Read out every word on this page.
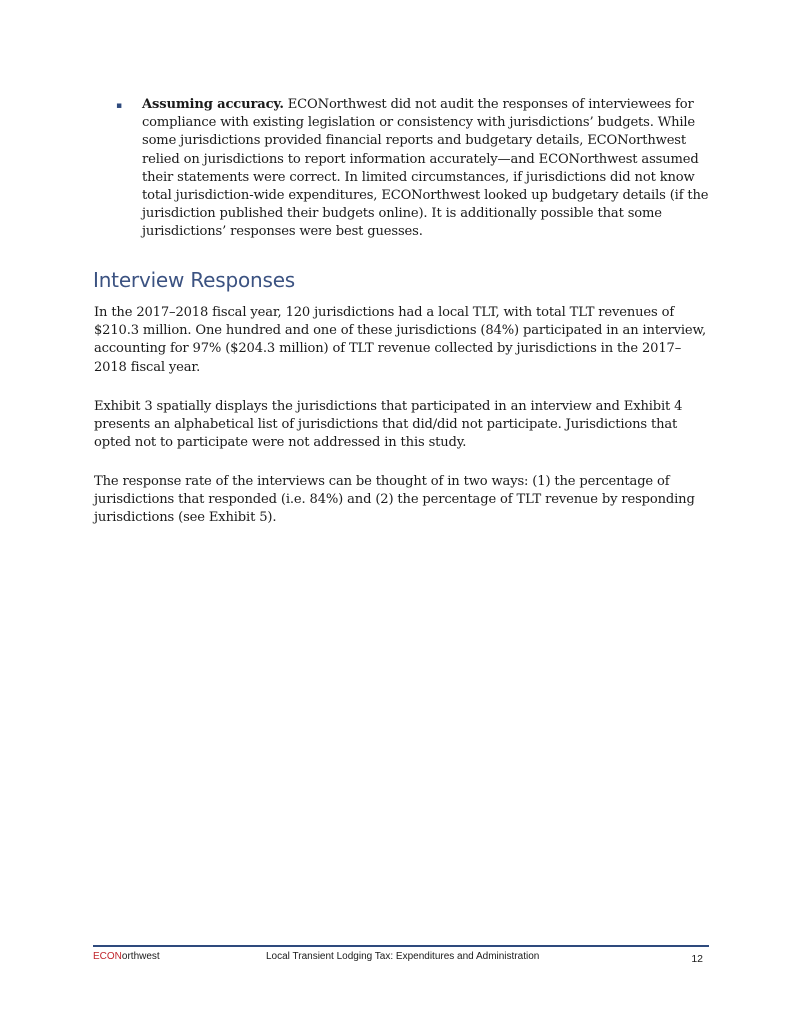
▪	Assuming accuracy. ECONorthwest did not audit the responses of interviewees for compliance with existing legislation or consistency with jurisdictions’ budgets. While some jurisdictions provided financial reports and budgetary details, ECONorthwest relied on jurisdictions to report information accurately—and ECONorthwest assumed their statements were correct. In limited circumstances, if jurisdictions did not know total jurisdiction-wide expenditures, ECONorthwest looked up budgetary details (if the jurisdiction published their budgets online). It is additionally possible that some jurisdictions’ responses were best guesses.

Interview Responses

In the 2017–2018 fiscal year, 120 jurisdictions had a local TLT, with total TLT revenues of $210.3 million. One hundred and one of these jurisdictions (84%) participated in an interview, accounting for 97% ($204.3 million) of TLT revenue collected by jurisdictions in the 2017–2018 fiscal year.

Exhibit 3 spatially displays the jurisdictions that participated in an interview and Exhibit 4 presents an alphabetical list of jurisdictions that did/did not participate. Jurisdictions that opted not to participate were not addressed in this study.

The response rate of the interviews can be thought of in two ways: (1) the percentage of jurisdictions that responded (i.e. 84%) and (2) the percentage of TLT revenue by responding jurisdictions (see Exhibit 5).

ECONorthwest	Local Transient Lodging Tax: Expenditures and Administration	12
